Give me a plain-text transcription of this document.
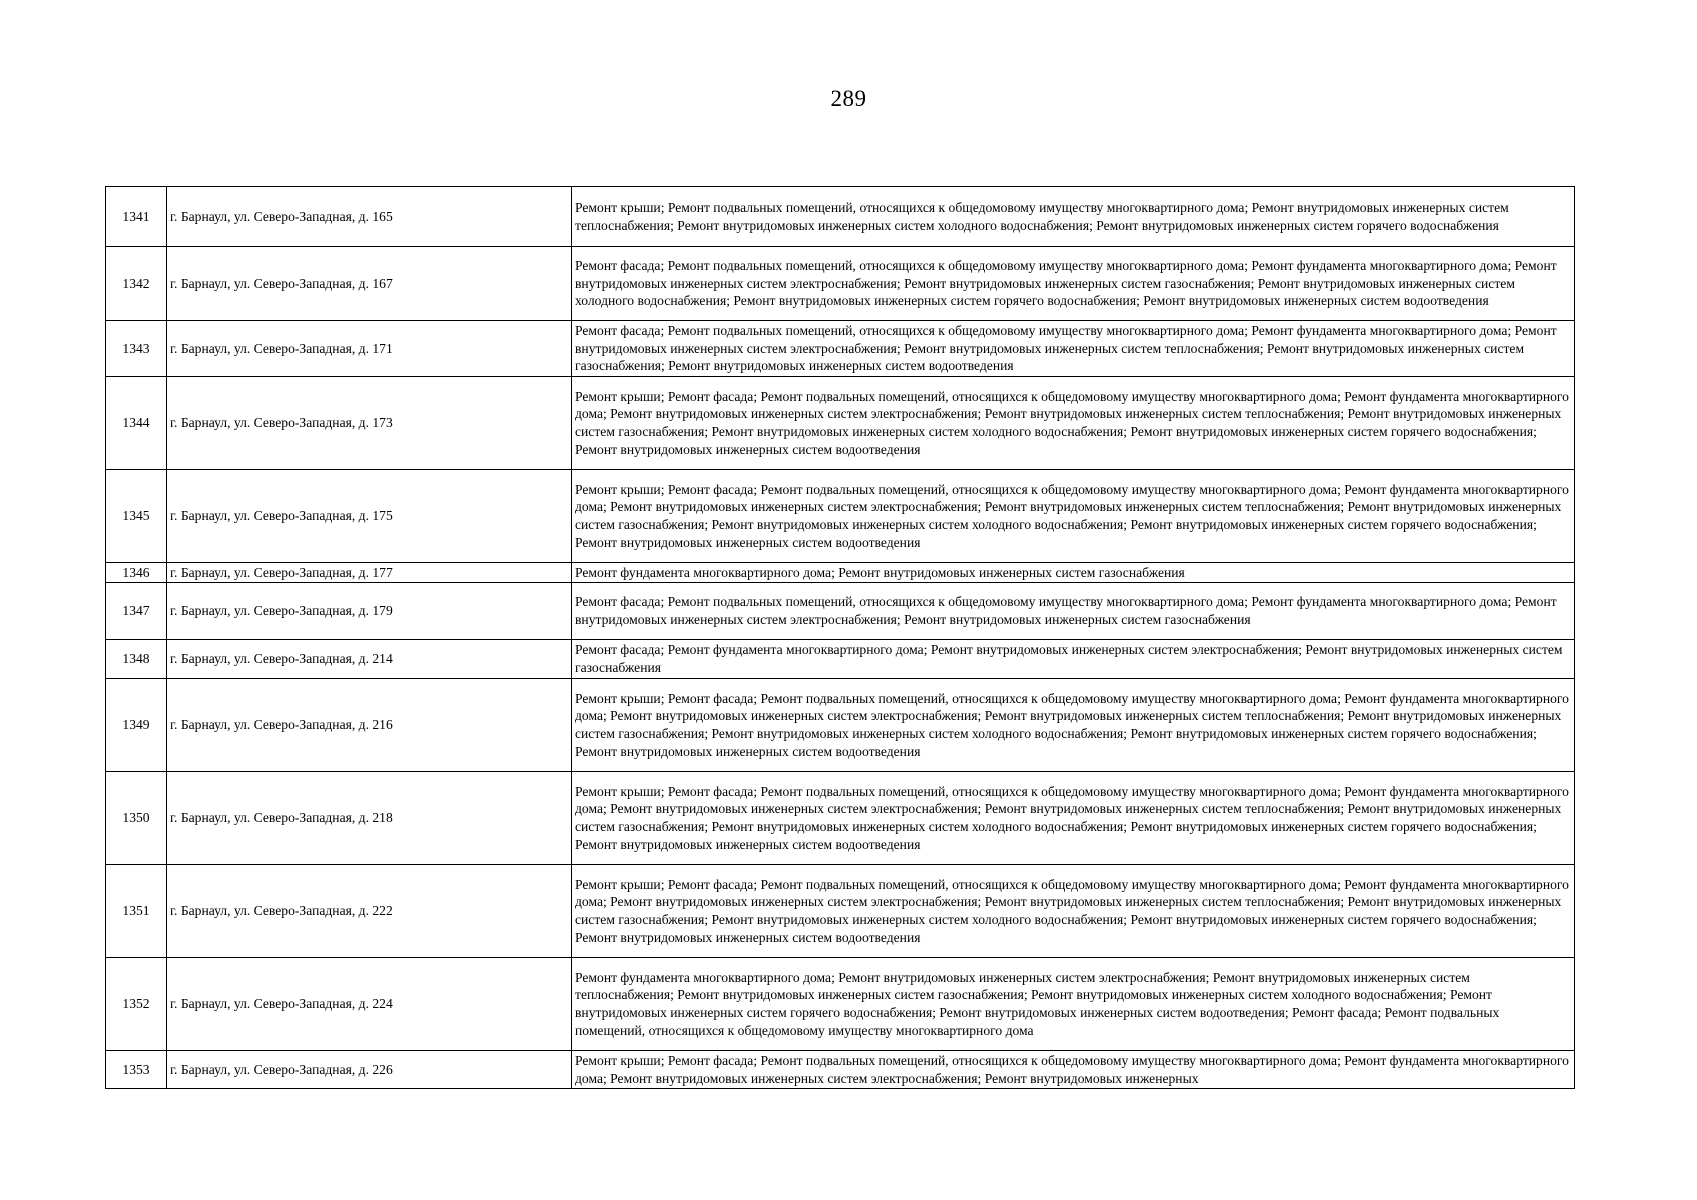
289
1341	г. Барнаул, ул. Северо-Западная, д. 165	Ремонт крыши; Ремонт подвальных помещений, относящихся к общедомовому имуществу многоквартирного дома; Ремонт внутридомовых инженерных систем теплоснабжения; Ремонт внутридомовых инженерных систем холодного водоснабжения; Ремонт внутридомовых инженерных систем горячего водоснабжения

1342	г. Барнаул, ул. Северо-Западная, д. 167	Ремонт фасада; Ремонт подвальных помещений, относящихся к общедомовому имуществу многоквартирного дома; Ремонт фундамента многоквартирного дома; Ремонт внутридомовых инженерных систем электроснабжения; Ремонт внутридомовых инженерных систем газоснабжения; Ремонт внутридомовых инженерных систем холодного водоснабжения; Ремонт внутридомовых инженерных систем горячего водоснабжения; Ремонт внутридомовых инженерных систем водоотведения

1343	г. Барнаул, ул. Северо-Западная, д. 171	Ремонт фасада; Ремонт подвальных помещений, относящихся к общедомовому имуществу многоквартирного дома; Ремонт фундамента многоквартирного дома; Ремонт внутридомовых инженерных систем электроснабжения; Ремонт внутридомовых инженерных систем теплоснабжения; Ремонт внутридомовых инженерных систем газоснабжения; Ремонт внутридомовых инженерных систем водоотведения

1344	г. Барнаул, ул. Северо-Западная, д. 173	Ремонт крыши; Ремонт фасада; Ремонт подвальных помещений, относящихся к общедомовому имуществу многоквартирного дома; Ремонт фундамента многоквартирного дома; Ремонт внутридомовых инженерных систем электроснабжения; Ремонт внутридомовых инженерных систем теплоснабжения; Ремонт внутридомовых инженерных систем газоснабжения; Ремонт внутридомовых инженерных систем холодного водоснабжения; Ремонт внутридомовых инженерных систем горячего водоснабжения; Ремонт внутридомовых инженерных систем водоотведения

1345	г. Барнаул, ул. Северо-Западная, д. 175	Ремонт крыши; Ремонт фасада; Ремонт подвальных помещений, относящихся к общедомовому имуществу многоквартирного дома; Ремонт фундамента многоквартирного дома; Ремонт внутридомовых инженерных систем электроснабжения; Ремонт внутридомовых инженерных систем теплоснабжения; Ремонт внутридомовых инженерных систем газоснабжения; Ремонт внутридомовых инженерных систем холодного водоснабжения; Ремонт внутридомовых инженерных систем горячего водоснабжения; Ремонт внутридомовых инженерных систем водоотведения

1346	г. Барнаул, ул. Северо-Западная, д. 177	Ремонт фундамента многоквартирного дома; Ремонт внутридомовых инженерных систем газоснабжения

1347	г. Барнаул, ул. Северо-Западная, д. 179	Ремонт фасада; Ремонт подвальных помещений, относящихся к общедомовому имуществу многоквартирного дома; Ремонт фундамента многоквартирного дома; Ремонт внутридомовых инженерных систем электроснабжения; Ремонт внутридомовых инженерных систем газоснабжения

1348	г. Барнаул, ул. Северо-Западная, д. 214	Ремонт фасада; Ремонт фундамента многоквартирного дома; Ремонт внутридомовых инженерных систем электроснабжения; Ремонт внутридомовых инженерных систем газоснабжения

1349	г. Барнаул, ул. Северо-Западная, д. 216	Ремонт крыши; Ремонт фасада; Ремонт подвальных помещений, относящихся к общедомовому имуществу многоквартирного дома; Ремонт фундамента многоквартирного дома; Ремонт внутридомовых инженерных систем электроснабжения; Ремонт внутридомовых инженерных систем теплоснабжения; Ремонт внутридомовых инженерных систем газоснабжения; Ремонт внутридомовых инженерных систем холодного водоснабжения; Ремонт внутридомовых инженерных систем горячего водоснабжения; Ремонт внутридомовых инженерных систем водоотведения

1350	г. Барнаул, ул. Северо-Западная, д. 218	Ремонт крыши; Ремонт фасада; Ремонт подвальных помещений, относящихся к общедомовому имуществу многоквартирного дома; Ремонт фундамента многоквартирного дома; Ремонт внутридомовых инженерных систем электроснабжения; Ремонт внутридомовых инженерных систем теплоснабжения; Ремонт внутридомовых инженерных систем газоснабжения; Ремонт внутридомовых инженерных систем холодного водоснабжения; Ремонт внутридомовых инженерных систем горячего водоснабжения; Ремонт внутридомовых инженерных систем водоотведения

1351	г. Барнаул, ул. Северо-Западная, д. 222	Ремонт крыши; Ремонт фасада; Ремонт подвальных помещений, относящихся к общедомовому имуществу многоквартирного дома; Ремонт фундамента многоквартирного дома; Ремонт внутридомовых инженерных систем электроснабжения; Ремонт внутридомовых инженерных систем теплоснабжения; Ремонт внутридомовых инженерных систем газоснабжения; Ремонт внутридомовых инженерных систем холодного водоснабжения; Ремонт внутридомовых инженерных систем горячего водоснабжения; Ремонт внутридомовых инженерных систем водоотведения

1352	г. Барнаул, ул. Северо-Западная, д. 224	Ремонт фундамента многоквартирного дома; Ремонт внутридомовых инженерных систем электроснабжения; Ремонт внутридомовых инженерных систем теплоснабжения; Ремонт внутридомовых инженерных систем газоснабжения; Ремонт внутридомовых инженерных систем холодного водоснабжения; Ремонт внутридомовых инженерных систем горячего водоснабжения; Ремонт внутридомовых инженерных систем водоотведения; Ремонт фасада; Ремонт подвальных помещений, относящихся к общедомовому имуществу многоквартирного дома

1353	г. Барнаул, ул. Северо-Западная, д. 226	Ремонт крыши; Ремонт фасада; Ремонт подвальных помещений, относящихся к общедомовому имуществу многоквартирного дома; Ремонт фундамента многоквартирного дома; Ремонт внутридомовых инженерных систем электроснабжения; Ремонт внутридомовых инженерных
